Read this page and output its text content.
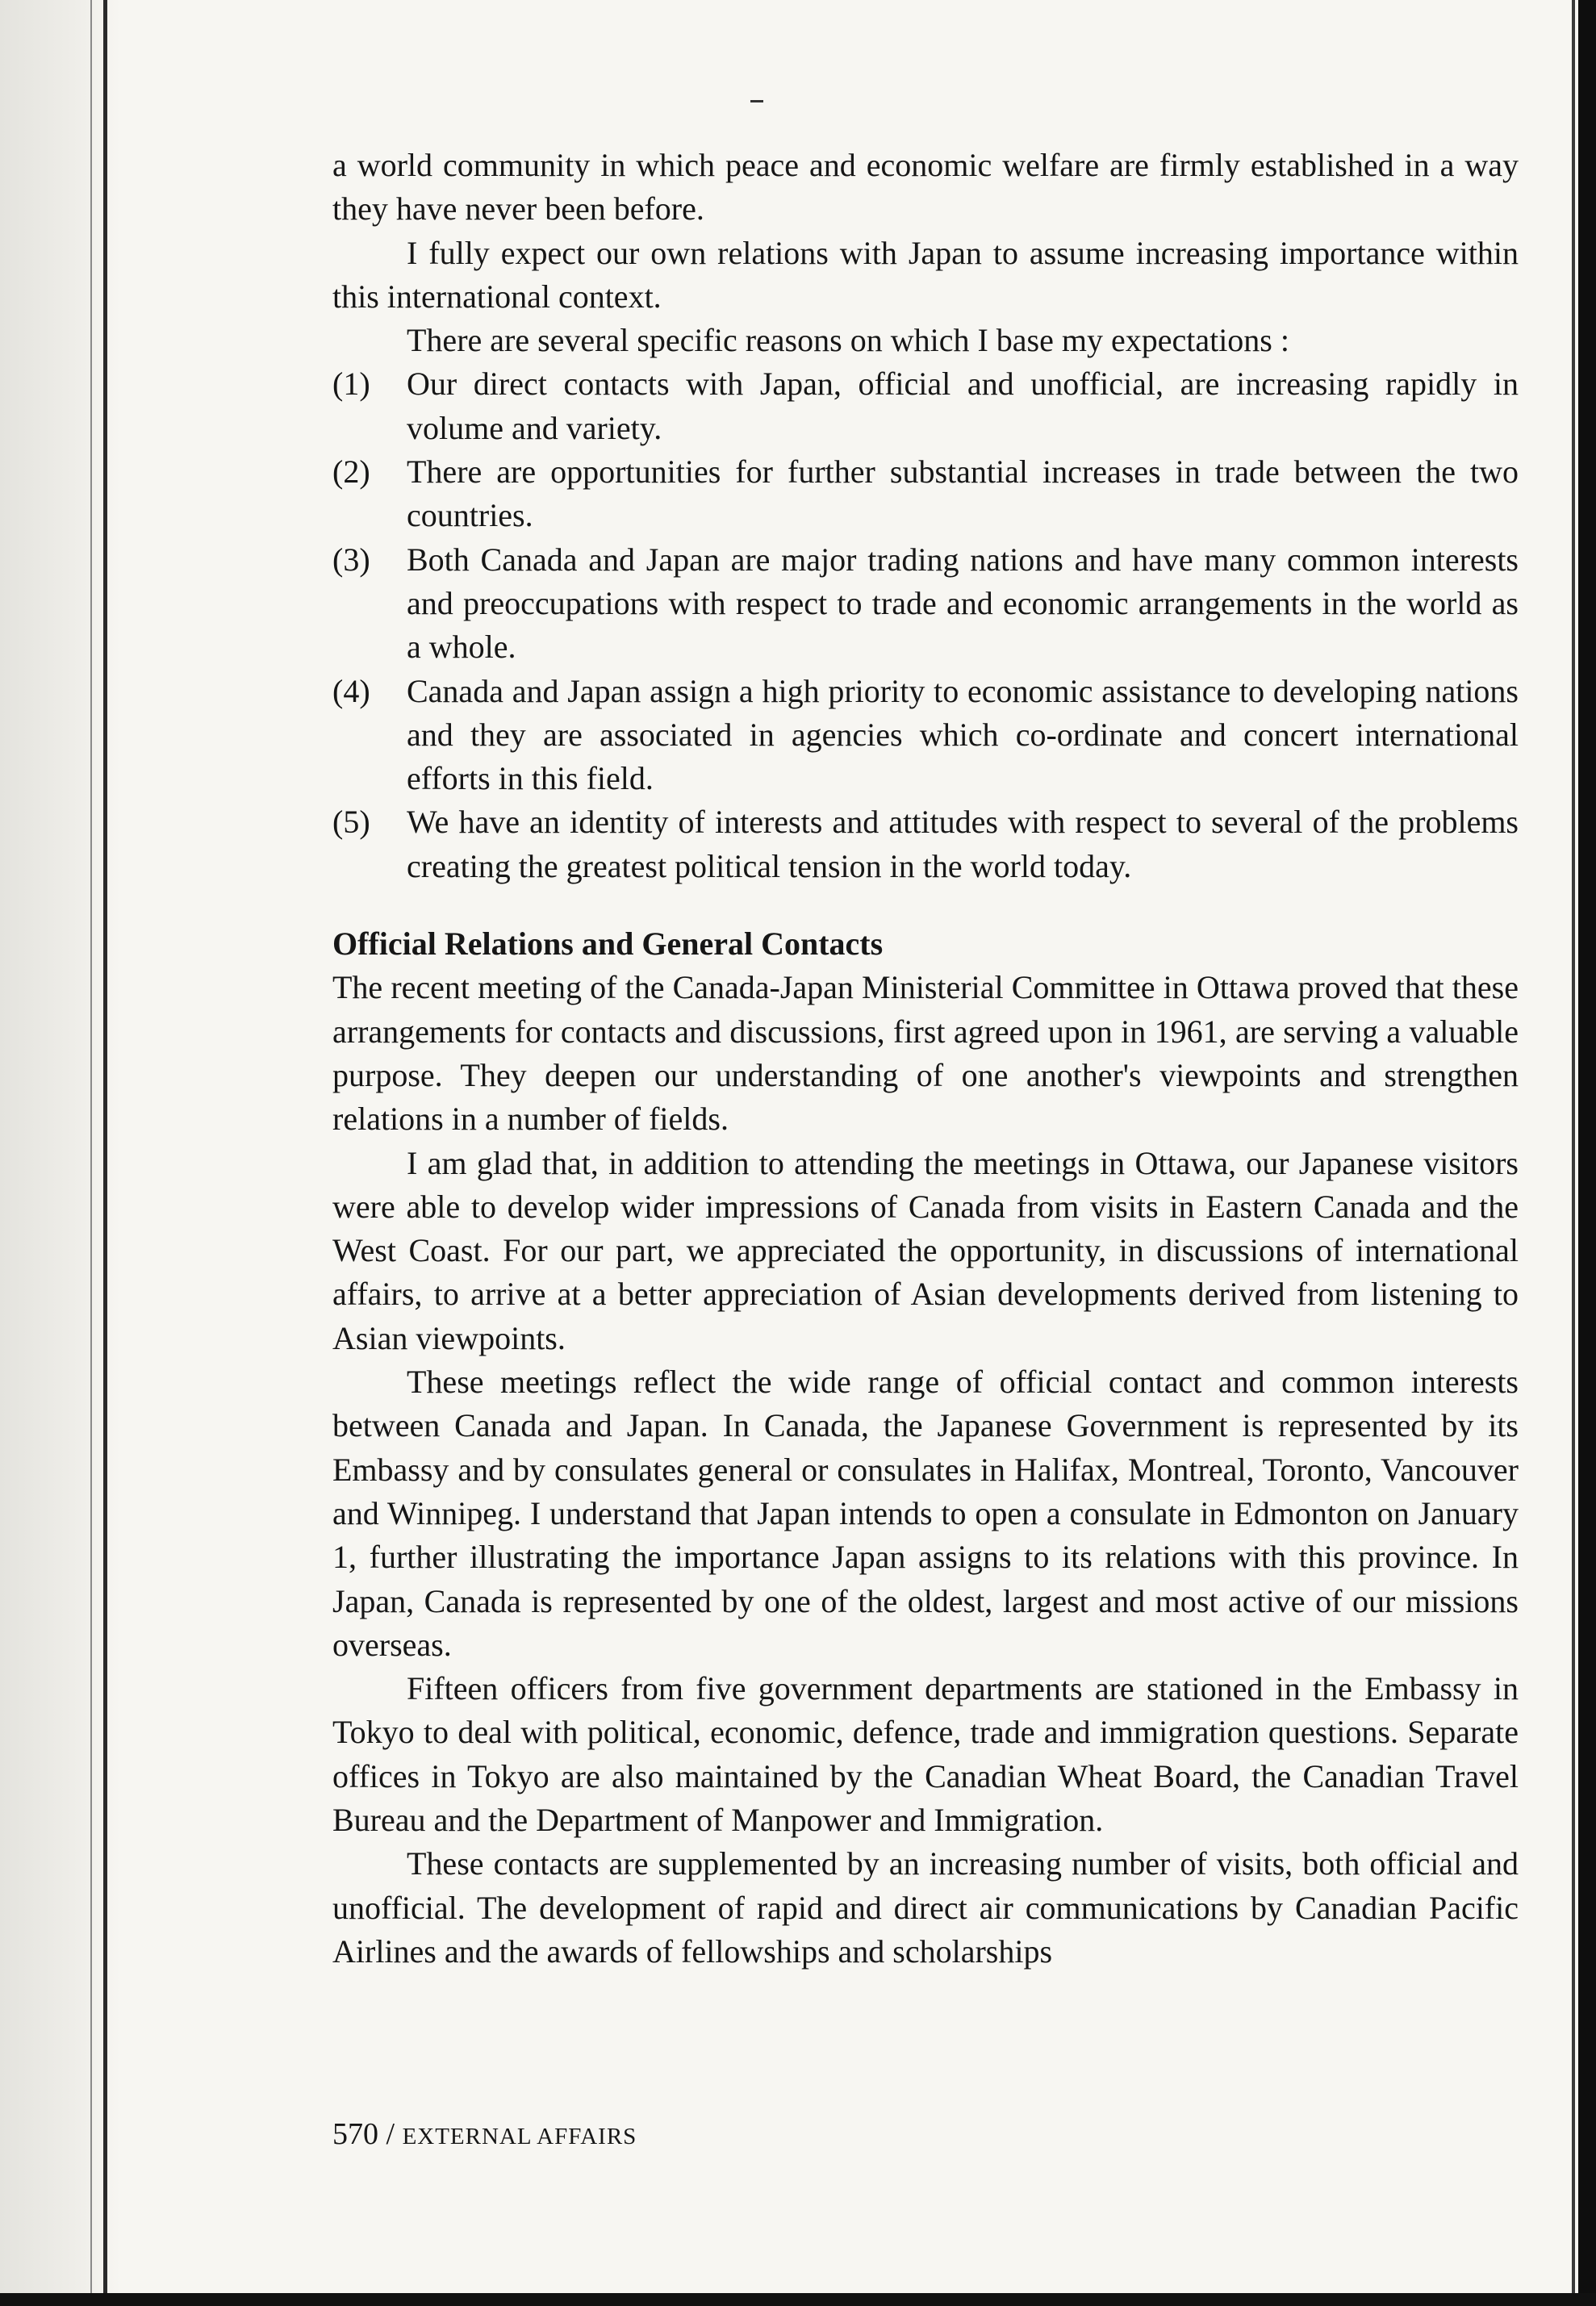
a world community in which peace and economic welfare are firmly established in a way they have never been before.

I fully expect our own relations with Japan to assume increasing importance within this international context.

There are several specific reasons on which I base my expectations :

(1)	Our direct contacts with Japan, official and unofficial, are increasing rapidly in volume and variety.
(2)	There are opportunities for further substantial increases in trade between the two countries.
(3)	Both Canada and Japan are major trading nations and have many common interests and preoccupations with respect to trade and economic arrangements in the world as a whole.
(4)	Canada and Japan assign a high priority to economic assistance to developing nations and they are associated in agencies which co-ordinate and concert international efforts in this field.
(5)	We have an identity of interests and attitudes with respect to several of the problems creating the greatest political tension in the world today.
Official Relations and General Contacts

The recent meeting of the Canada-Japan Ministerial Committee in Ottawa proved that these arrangements for contacts and discussions, first agreed upon in 1961, are serving a valuable purpose. They deepen our understanding of one another's viewpoints and strengthen relations in a number of fields.

I am glad that, in addition to attending the meetings in Ottawa, our Japanese visitors were able to develop wider impressions of Canada from visits in Eastern Canada and the West Coast. For our part, we appreciated the opportunity, in discussions of international affairs, to arrive at a better appreciation of Asian developments derived from listening to Asian viewpoints.

These meetings reflect the wide range of official contact and common interests between Canada and Japan. In Canada, the Japanese Government is represented by its Embassy and by consulates general or consulates in Halifax, Montreal, Toronto, Vancouver and Winnipeg. I understand that Japan intends to open a consulate in Edmonton on January 1, further illustrating the importance Japan assigns to its relations with this province. In Japan, Canada is represented by one of the oldest, largest and most active of our missions overseas.

Fifteen officers from five government departments are stationed in the Embassy in Tokyo to deal with political, economic, defence, trade and immigration questions. Separate offices in Tokyo are also maintained by the Canadian Wheat Board, the Canadian Travel Bureau and the Department of Manpower and Immigration.

These contacts are supplemented by an increasing number of visits, both official and unofficial. The development of rapid and direct air communications by Canadian Pacific Airlines and the awards of fellowships and scholarships

570 / EXTERNAL AFFAIRS
